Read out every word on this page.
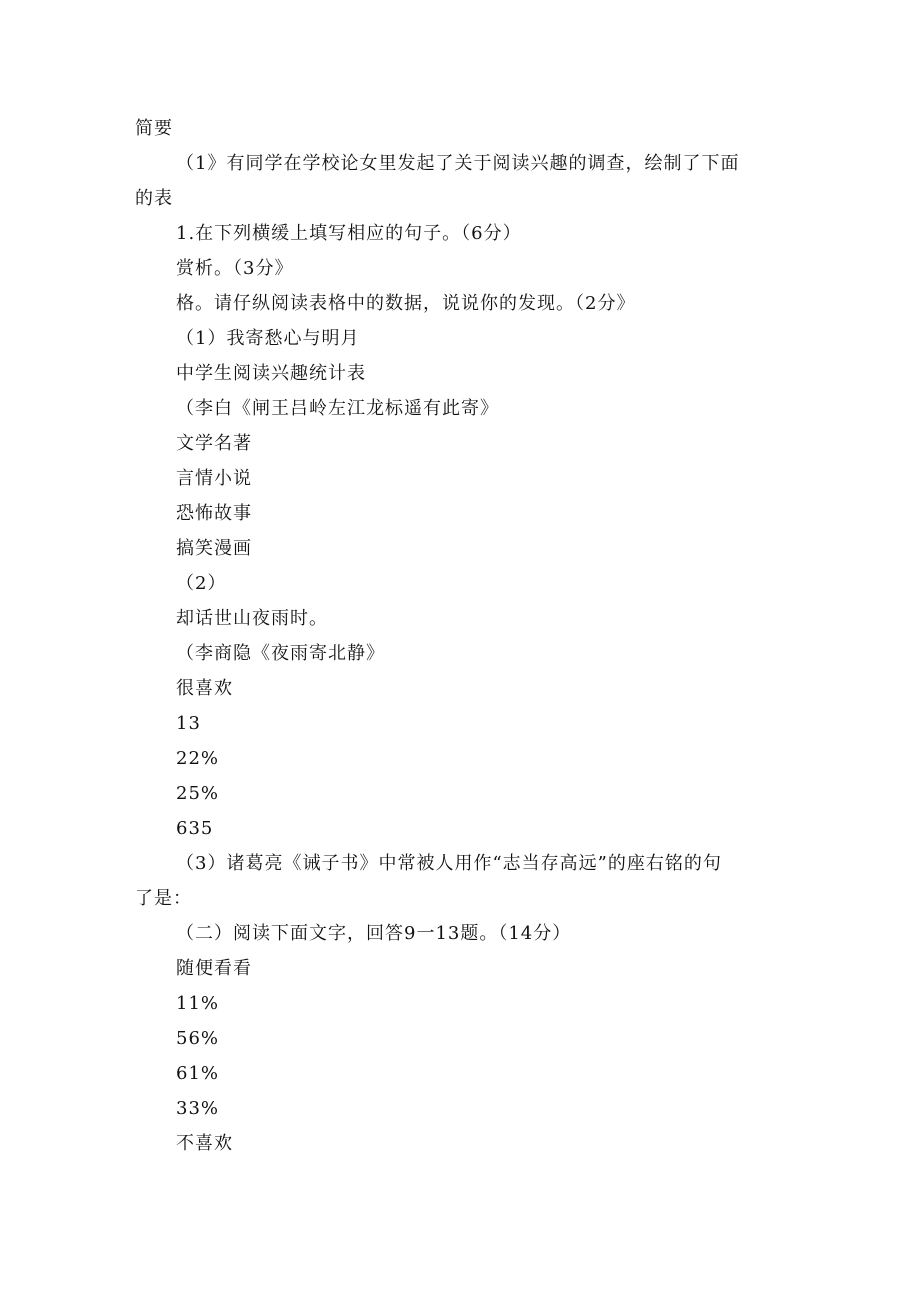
简要
（1》有同学在学校论女里发起了关于阅读兴趣的调查，绘制了下面
的表
1.在下列横缓上填写相应的句子。（6分）
赏析。（3分》
格。请仔纵阅读表格中的数据，说说你的发现。（2分》
（1）我寄愁心与明月
中学生阅读兴趣统计表
（李白《闸王吕岭左江龙标遥有此寄》
文学名著
言情小说
恐怖故事
搞笑漫画
（2）
却话世山夜雨时。
（李商隐《夜雨寄北静》
很喜欢
13
22%
25%
635
（3）诸葛亮《诫子书》中常被人用作“志当存高远”的座右铭的句
了是：
（二）阅读下面文字，回答9一13题。（14分）
随便看看
11%
56%
61%
33%
不喜欢
